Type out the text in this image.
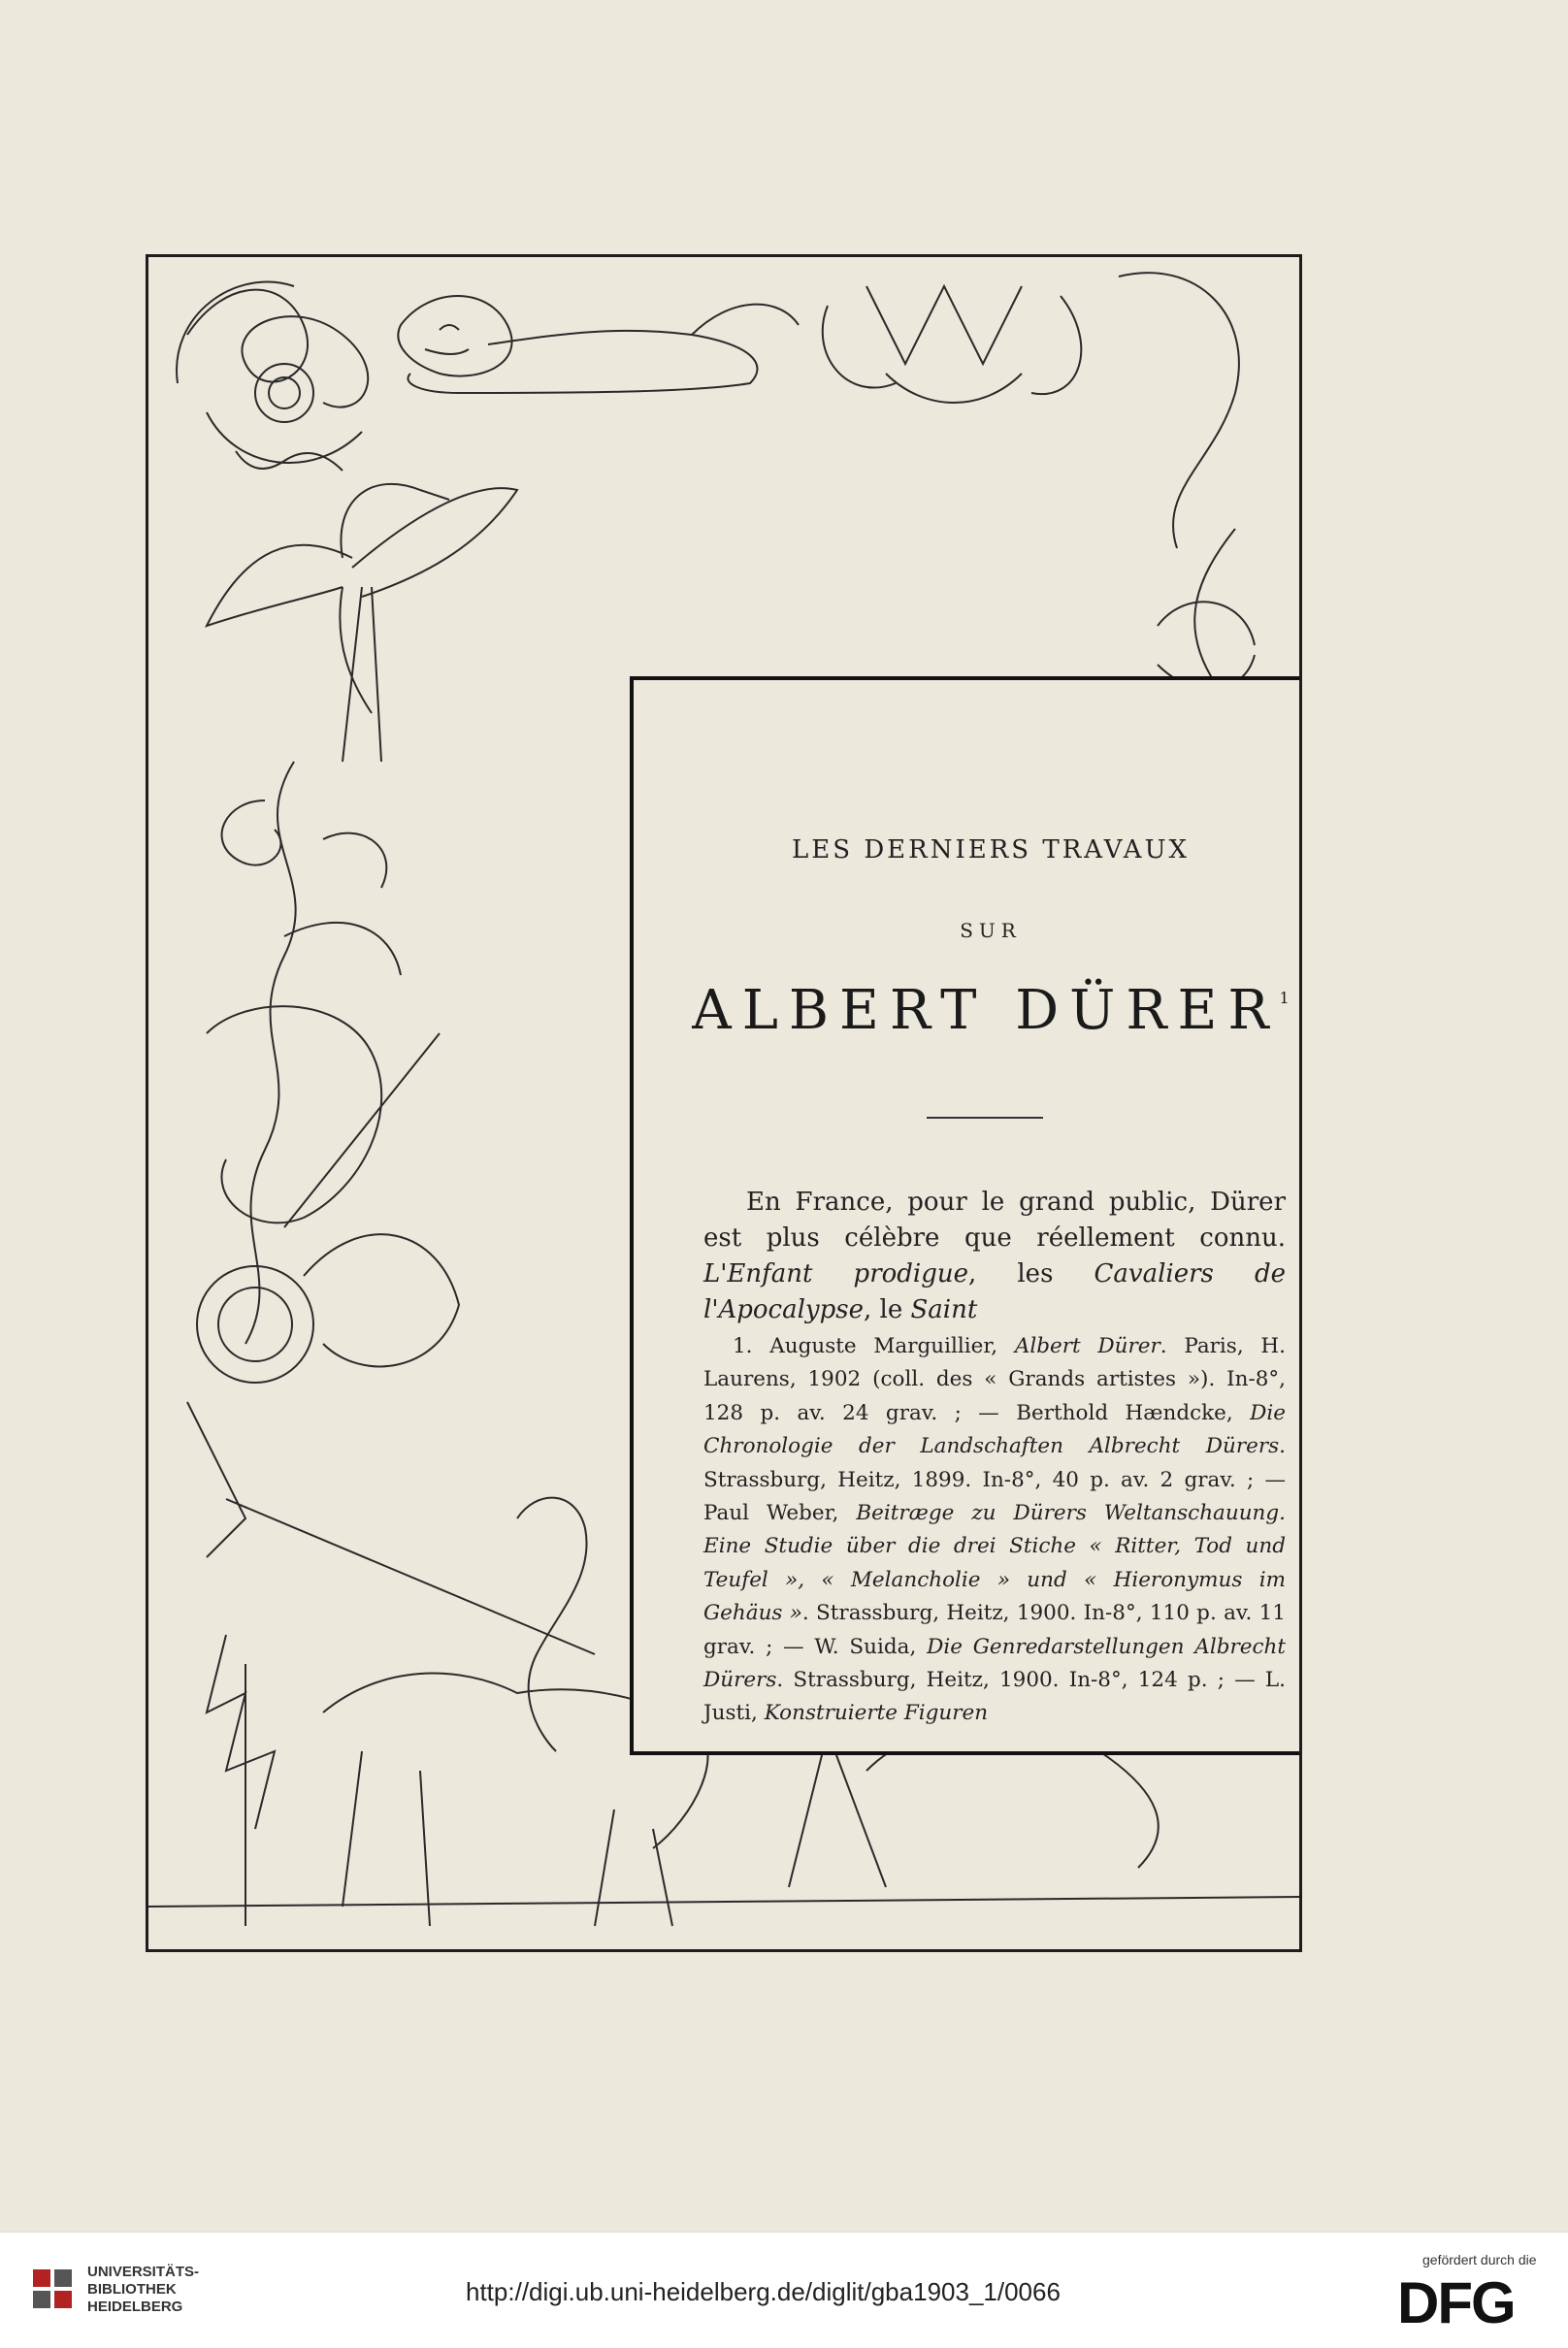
LES DERNIERS TRAVAUX
SUR
ALBERT DÜRER$^1$

En France, pour le grand public, Dürer est plus célèbre que réellement connu. L'Enfant prodigue, les Cavaliers de l'Apocalypse, le Saint

1. Auguste Marguillier, Albert Dürer. Paris, H. Laurens, 1902 (coll. des « Grands artistes »). In-8°, 128 p. av. 24 grav. ; — Berthold Hændcke, Die Chronologie der Landschaften Albrecht Dürers. Strassburg, Heitz, 1899. In-8°, 40 p. av. 2 grav. ; — Paul Weber, Beitræge zu Dürers Weltanschauung. Eine Studie über die drei Stiche « Ritter, Tod und Teufel », « Melancholie » und « Hieronymus im Gehäus ». Strassburg, Heitz, 1900. In-8°, 110 p. av. 11 grav. ; — W. Suida, Die Genredarstellungen Albrecht Dürers. Strassburg, Heitz, 1900. In-8°, 124 p. ; — L. Justi, Konstruierte Figuren

UNIVERSITÄTS-
BIBLIOTHEK
HEIDELBERG
http://digi.ub.uni-heidelberg.de/diglit/gba1903_1/0066
gefördert durch die
DFG
